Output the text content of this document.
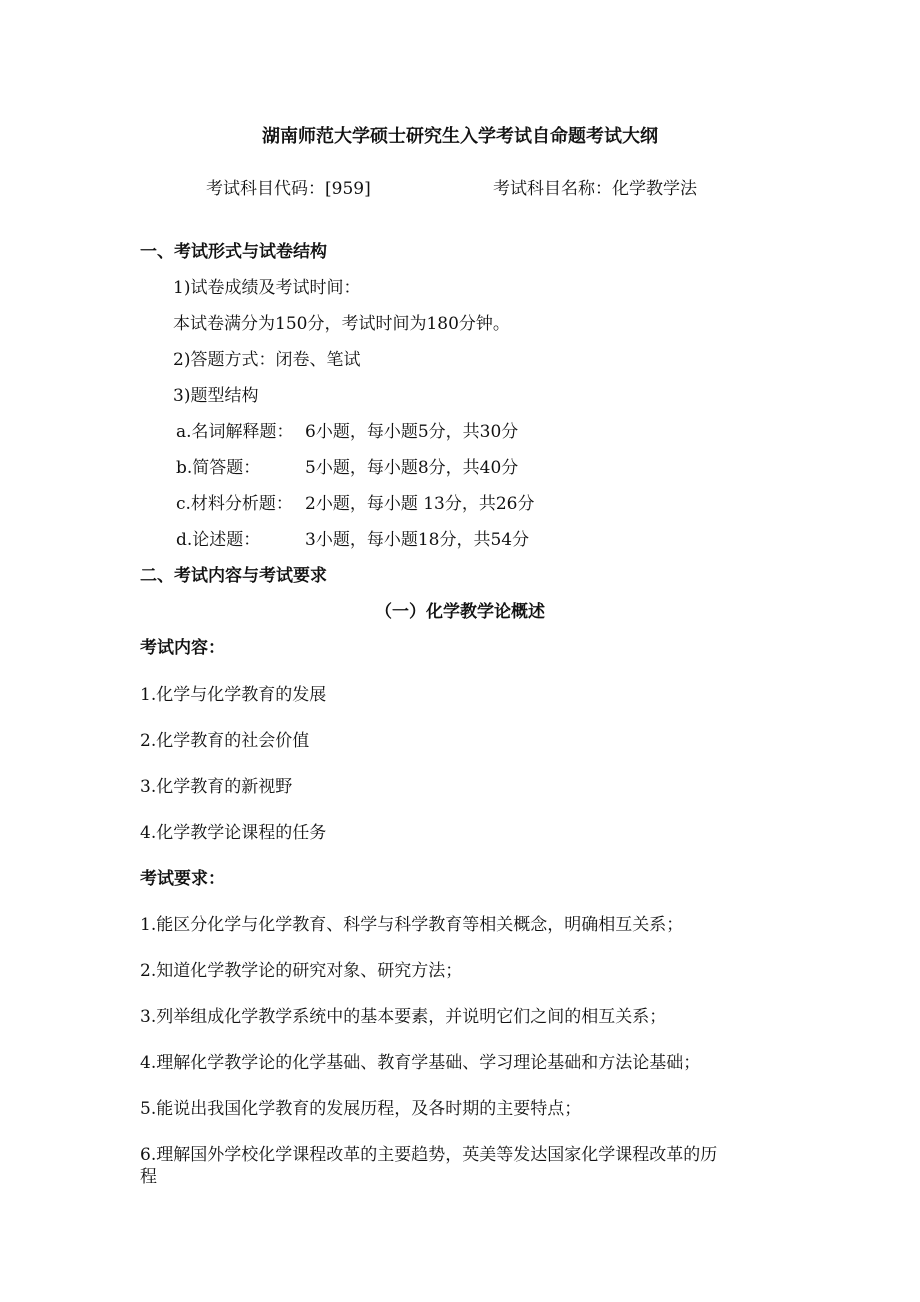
湖南师范大学硕士研究生入学考试自命题考试大纲
考试科目代码：[959]	考试科目名称：化学教学法
一、考试形式与试卷结构
1)试卷成绩及考试时间：
本试卷满分为150分，考试时间为180分钟。
2)答题方式：闭卷、笔试
3)题型结构
a.名词解释题： 6小题，每小题5分，共30分
b.简答题：	5小题，每小题8分，共40分
c.材料分析题： 2小题，每小题 13分，共26分
d.论述题：	3小题，每小题18分，共54分
二、考试内容与考试要求
（一）化学教学论概述
考试内容：
1.化学与化学教育的发展
2.化学教育的社会价值
3.化学教育的新视野
4.化学教学论课程的任务
考试要求：
1.能区分化学与化学教育、科学与科学教育等相关概念，明确相互关系；
2.知道化学教学论的研究对象、研究方法；
3.列举组成化学教学系统中的基本要素，并说明它们之间的相互关系；
4.理解化学教学论的化学基础、教育学基础、学习理论基础和方法论基础；
5.能说出我国化学教育的发展历程，及各时期的主要特点；
6.理解国外学校化学课程改革的主要趋势，英美等发达国家化学课程改革的历
程
